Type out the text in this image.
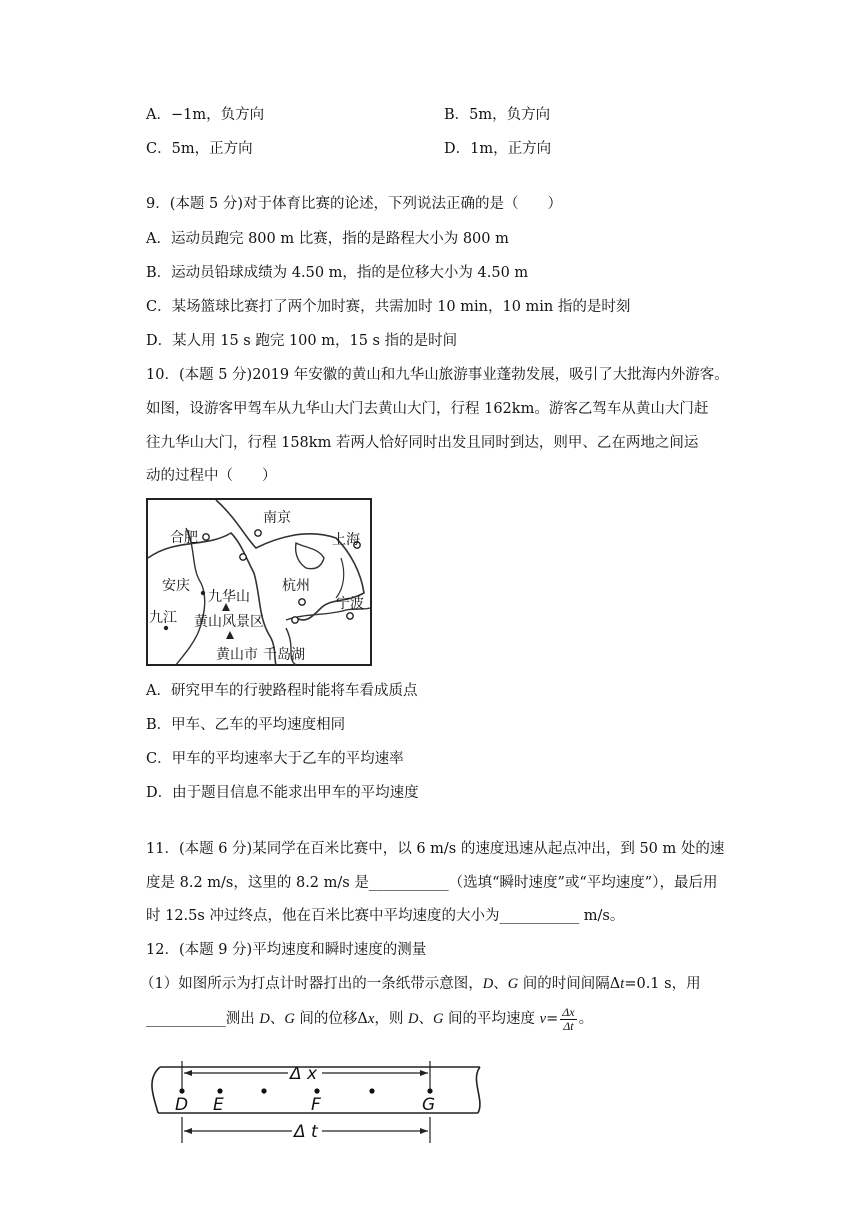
A．−1m，负方向	B．5m，负方向
C．5m，正方向	D．1m，正方向
9．(本题 5 分)对于体育比赛的论述，下列说法正确的是（　　）
A．运动员跑完 800 m 比赛，指的是路程大小为 800 m
B．运动员铅球成绩为 4.50 m，指的是位移大小为 4.50 m
C．某场篮球比赛打了两个加时赛，共需加时 10 min，10 min 指的是时刻
D．某人用 15 s 跑完 100 m，15 s 指的是时间
10．(本题 5 分)2019 年安徽的黄山和九华山旅游事业蓬勃发展，吸引了大批海内外游客。
如图，设游客甲驾车从九华山大门去黄山大门，行程 162km。游客乙驾车从黄山大门赶
往九华山大门，行程 158km 若两人恰好同时出发且同时到达，则甲、乙在两地之间运
动的过程中（　　）
南京
合肥	上海
安庆
九华山
杭州
宁波
九江 黄山风景区
黄山市 千岛湖
A．研究甲车的行驶路程时能将车看成质点
B．甲车、乙车的平均速度相同
C．甲车的平均速率大于乙车的平均速率
D．由于题目信息不能求出甲车的平均速度
11．(本题 6 分)某同学在百米比赛中，以 6 m/s 的速度迅速从起点冲出，到 50 m 处的速
度是 8.2 m/s，这里的 8.2 m/s 是___________（选填“瞬时速度”或“平均速度”），最后用
时 12.5s 冲过终点，他在百米比赛中平均速度的大小为___________ m/s。
12．(本题 9 分)平均速度和瞬时速度的测量
（1）如图所示为打点计时器打出的一条纸带示意图，D、G 间的时间间隔Δt=0.1 s，用
___________测出 D、G 间的位移Δx，则 D、G 间的平均速度 $v= \frac{\Delta x}{\Delta t}$ 。
Δ x
D E	F	G
Δ t
